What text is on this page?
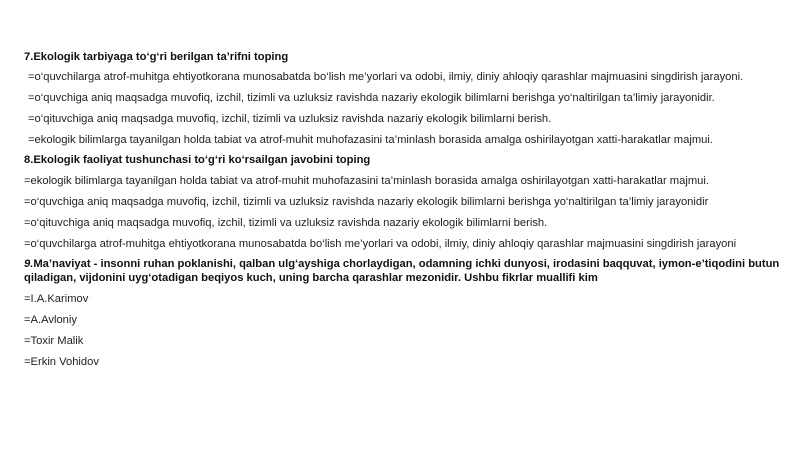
7.Ekologik tarbiyaga to‘g‘ri berilgan ta’rifni toping
=o‘quvchilarga atrof-muhitga ehtiyotkorana munosabatda bo‘lish me’yorlari va odobi, ilmiy, diniy ahloqiy qarashlar majmuasini singdirish jarayoni.
=o‘quvchiga aniq maqsadga muvofiq, izchil, tizimli va uzluksiz ravishda nazariy ekologik bilimlarni berishga yo‘naltirilgan ta’limiy jarayonidir.
=o‘qituvchiga aniq maqsadga muvofiq, izchil, tizimli va uzluksiz ravishda nazariy ekologik bilimlarni berish.
=ekologik bilimlarga tayanilgan holda tabiat va atrof-muhit muhofazasini ta’minlash borasida amalga oshirilayotgan xatti-harakatlar majmui.
8.Ekologik faoliyat tushunchasi to‘g‘ri ko‘rsailgan javobini toping
=ekologik bilimlarga tayanilgan holda tabiat va atrof-muhit muhofazasini ta’minlash borasida amalga oshirilayotgan xatti-harakatlar majmui.
=o‘quvchiga aniq maqsadga muvofiq, izchil, tizimli va uzluksiz ravishda nazariy ekologik bilimlarni berishga yo‘naltirilgan ta’limiy jarayonidir
=o‘qituvchiga aniq maqsadga muvofiq, izchil, tizimli va uzluksiz ravishda nazariy ekologik bilimlarni berish.
=o‘quvchilarga atrof-muhitga ehtiyotkorana munosabatda bo‘lish me’yorlari va odobi, ilmiy, diniy ahloqiy qarashlar majmuasini singdirish jarayoni
9.Ma’naviyat - insonni ruhan poklanishi, qalban ulg‘ayshiga chorlaydigan, odamning ichki dunyosi, irodasini baqquvat, iymon-e’tiqodini butun qiladigan, vijdonini uyg‘otadigan beqiyos kuch, uning barcha qarashlar mezonidir. Ushbu fikrlar muallifi kim
=I.A.Karimov
=A.Avloniy
=Toxir Malik
=Erkin Vohidov
